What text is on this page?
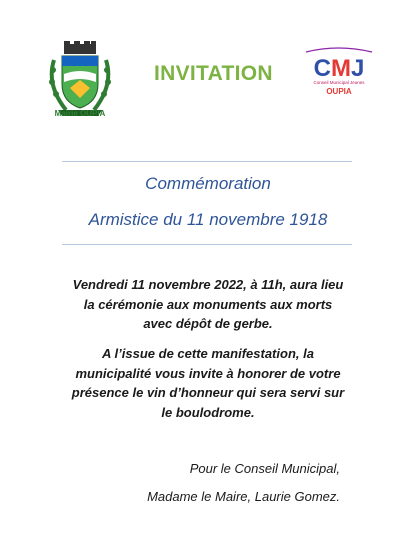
Mairie OUPIA
INVITATION CMJ
Conseil Municipal Jeunes
OUPIA
Commémoration
Armistice du 11 novembre 1918
Vendredi 11 novembre 2022, à 11h, aura lieu
la cérémonie aux monuments aux morts
avec dépôt de gerbe.
A l’issue de cette manifestation, la
municipalité vous invite à honorer de votre
présence le vin d’honneur qui sera servi sur
le boulodrome.
Pour le Conseil Municipal,
Madame le Maire, Laurie Gomez.
